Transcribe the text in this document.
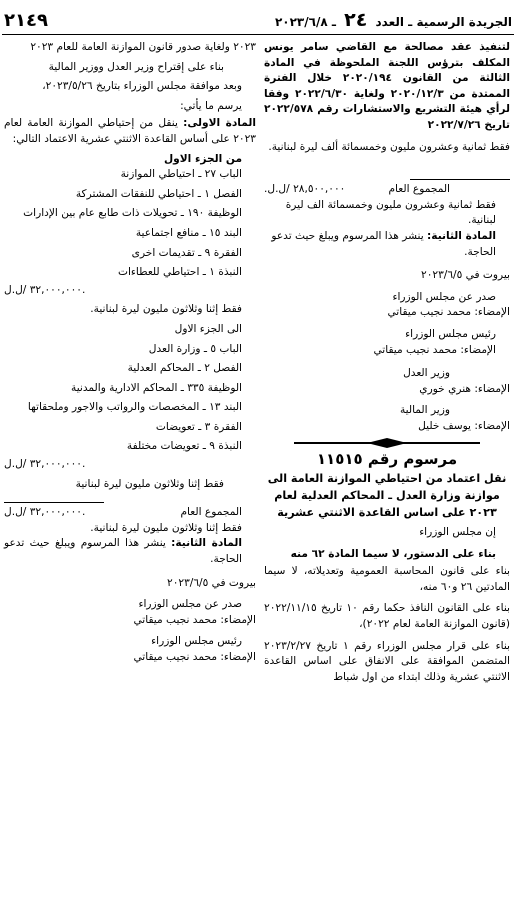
الجريدة الرسمية ـ العدد ٢٤ ـ ٢٠٢٣/٦/٨
٢١٤٩

لتنفيذ عقد مصالحة مع القاضي سامر يونس المكلف بترؤس اللجنة الملحوظة في المادة الثالثة من القانون ٢٠٢٠/١٩٤ خلال الفترة الممتدة من ٢٠٢٠/١٢/٣ ولغاية ٢٠٢٢/٦/٣٠ وفقا لرأي هيئة التشريع والاستشارات رقم ٢٠٢٢/٥٧٨ تاريخ ٢٠٢٢/٧/٢٦

فقط ثمانية وعشرون مليون وخمسمائة ألف ليرة لبنانية.

المجموع العام
٢٨,٥٠٠,٠٠٠ /ل.ل.

فقط ثمانية وعشرون مليون وخمسمائة الف ليرة لبنانية.

المادة الثانية: ينشر هذا المرسوم ويبلغ حيث تدعو الحاجة.

بيروت في ٢٠٢٣/٦/٥

صدر عن مجلس الوزراء

الإمضاء: محمد نجيب ميقاتي

رئيس مجلس الوزراء

الإمضاء: محمد نجيب ميقاتي

وزير العدل

الإمضاء: هنري خوري

وزير المالية

الإمضاء: يوسف خليل

مرسوم رقم ١١٥١٥

نقل اعتماد من احتياطي الموازنة العامة الى موازنة وزارة العدل ـ المحاكم العدلية لعام ٢٠٢٣ على اساس القاعدة الاثنتي عشرية

إن مجلس الوزراء

بناء على الدستور، لا سيما المادة ٦٢ منه

بناء على قانون المحاسبة العمومية وتعديلاته، لا سيما المادتين ٢٦ و٦٠ منه،

بناء على القانون النافذ حكما رقم ١٠ تاريخ ٢٠٢٢/١١/١٥ (قانون الموازنة العامة لعام ٢٠٢٢)،

بناء على قرار مجلس الوزراء رقم ١ تاريخ ٢٠٢٣/٢/٢٧ المتضمن الموافقة على الانفاق على اساس القاعدة الاثنتي عشرية وذلك ابتداء من اول شباط

٢٠٢٣ ولغاية صدور قانون الموازنة العامة للعام ٢٠٢٣

بناء على إقتراح وزير العدل ووزير المالية

وبعد موافقة مجلس الوزراء بتاريخ ٢٠٢٣/٥/٢٦،

يرسم ما يأتي:

المادة الاولى: ينقل من إحتياطي الموازنة العامة لعام ٢٠٢٣ على أساس القاعدة الاثنتي عشرية الاعتماد التالي:

من الجزء الاول

الباب ٢٧ ـ احتياطي الموازنة

الفصل ١ ـ احتياطي للنفقات المشتركة

الوظيفة ١٩٠ ـ تحويلات ذات طابع عام بين الإدارات

البند ١٥ ـ منافع اجتماعية

الفقرة ٩ ـ تقديمات اخرى

النبذة ١ ـ احتياطي للعطاءات

٣٢,٠٠٠,٠٠٠ /ل.ل.

فقط إثنا وثلاثون مليون ليرة لبنانية.

الى الجزء الاول

الباب ٥ ـ وزارة العدل

الفصل ٢ ـ المحاكم العدلية

الوظيفة ٣٣٥ ـ المحاكم الادارية والمدنية

البند ١٣ ـ المخصصات والرواتب والاجور وملحقاتها

الفقرة ٣ ـ تعويضات

النبذة ٩ ـ تعويضات مختلفة

٣٢,٠٠٠,٠٠٠ /ل.ل.

فقط إثنا وثلاثون مليون ليرة لبنانية

المجموع العام
٣٢,٠٠٠,٠٠٠ /ل.ل.

فقط إثنا وثلاثون مليون ليرة لبنانية.

المادة الثانية: ينشر هذا المرسوم ويبلغ حيث تدعو الحاجة.

بيروت في ٢٠٢٣/٦/٥

صدر عن مجلس الوزراء

الإمضاء: محمد نجيب ميقاتي

رئيس مجلس الوزراء

الإمضاء: محمد نجيب ميقاتي
